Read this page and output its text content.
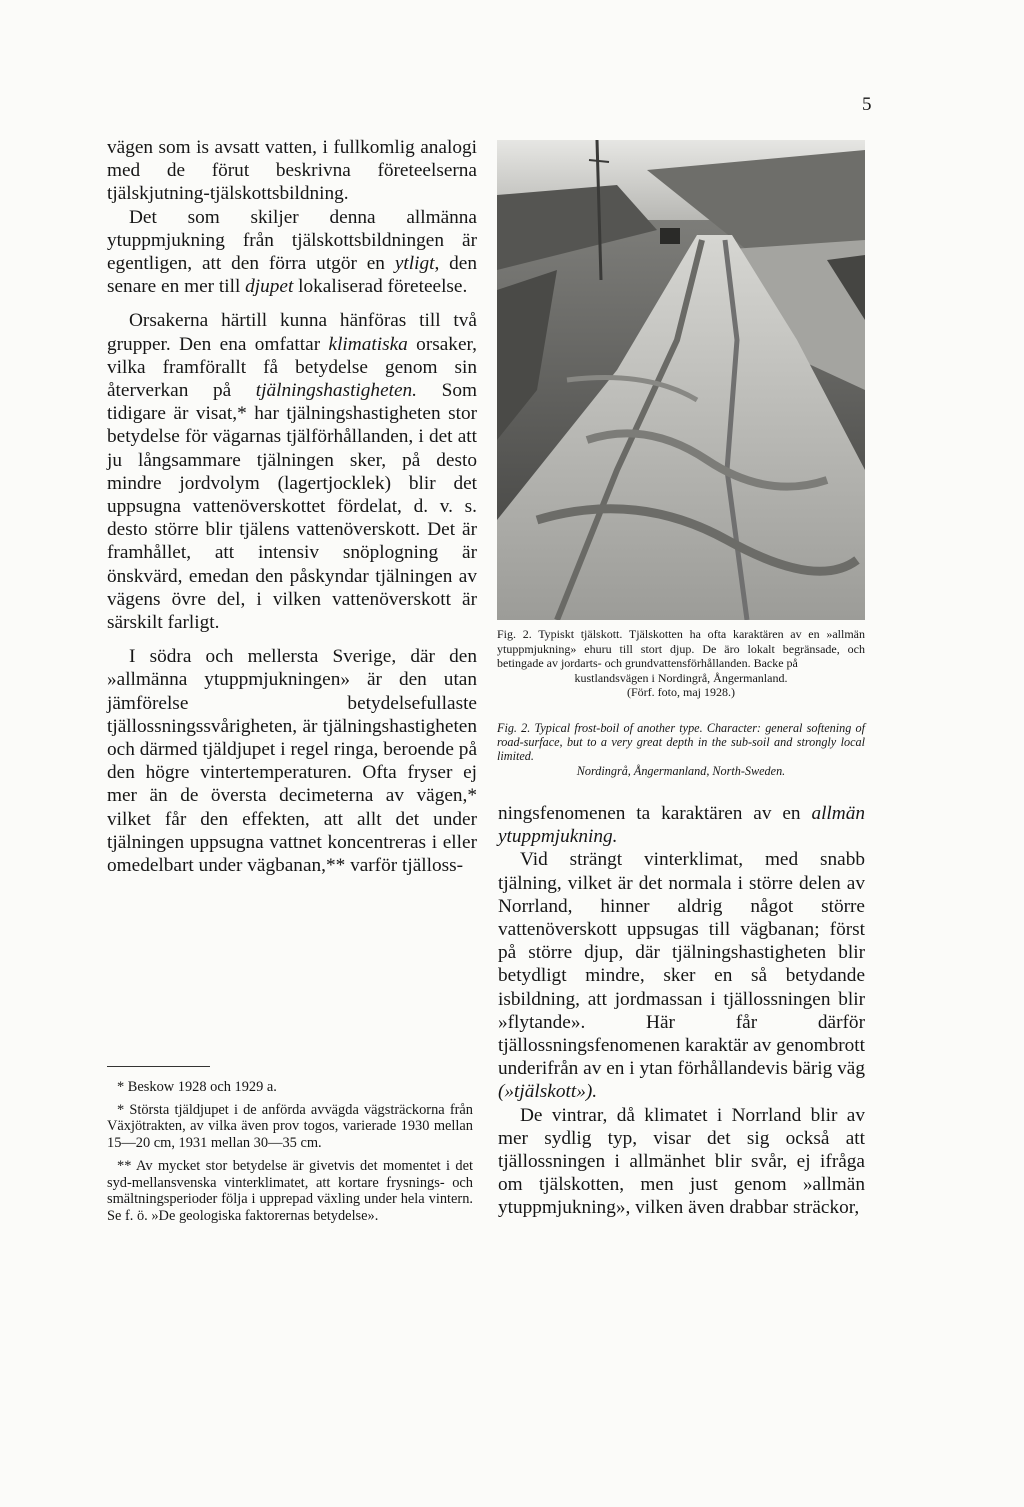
5

vägen som is avsatt vatten, i fullkomlig analogi med de förut beskrivna företeelserna tjälskjutning-tjälskottsbildning.

Det som skiljer denna allmänna ytuppmjukning från tjälskottsbildningen är egentligen, att den förra utgör en ytligt, den senare en mer till djupet lokaliserad företeelse.

Orsakerna härtill kunna hänföras till två grupper. Den ena omfattar klimatiska orsaker, vilka framförallt få betydelse genom sin återverkan på tjälningshastigheten. Som tidigare är visat,* har tjälningshastigheten stor betydelse för vägarnas tjälförhållanden, i det att ju långsammare tjälningen sker, på desto mindre jordvolym (lagertjocklek) blir det uppsugna vattenöverskottet fördelat, d. v. s. desto större blir tjälens vattenöverskott. Det är framhållet, att intensiv snöplogning är önskvärd, emedan den påskyndar tjälningen av vägens övre del, i vilken vattenöverskott är särskilt farligt.

I södra och mellersta Sverige, där den »allmänna ytuppmjukningen» är den utan jämförelse betydelsefullaste tjällossningssvårigheten, är tjälningshastigheten och därmed tjäldjupet i regel ringa, beroende på den högre vintertemperaturen. Ofta fryser ej mer än de översta decimeterna av vägen,* vilket får den effekten, att allt det under tjälningen uppsugna vattnet koncentreras i eller omedelbart under vägbanan,** varför tjälloss-

* Beskow 1928 och 1929 a.

* Största tjäldjupet i de anförda avvägda vägsträckorna från Växjötrakten, av vilka även prov togos, varierade 1930 mellan 15—20 cm, 1931 mellan 30—35 cm.

** Av mycket stor betydelse är givetvis det momentet i det syd-mellansvenska vinterklimatet, att kortare frysnings- och smältningsperioder följa i upprepad växling under hela vintern. Se f. ö. »De geologiska faktorernas betydelse».

Fig. 2. Typiskt tjälskott. Tjälskotten ha ofta karaktären av en »allmän ytuppmjukning» ehuru till stort djup. De äro lokalt begränsade, och betingade av jordarts- och grundvattensförhållanden. Backe på
kustlandsvägen i Nordingrå, Ångermanland.
(Förf. foto, maj 1928.)
Fig. 2. Typical frost-boil of another type. Character: general softening of road-surface, but to a very great depth in the sub-soil and strongly local limited.
Nordingrå, Ångermanland, North-Sweden.

ningsfenomenen ta karaktären av en allmän ytuppmjukning.

Vid strängt vinterklimat, med snabb tjälning, vilket är det normala i större delen av Norrland, hinner aldrig något större vattenöverskott uppsugas till vägbanan; först på större djup, där tjälningshastigheten blir betydligt mindre, sker en så betydande isbildning, att jordmassan i tjällossningen blir »flytande». Här får därför tjällossningsfenomenen karaktär av genombrott underifrån av en i ytan förhållandevis bärig väg (»tjälskott»).

De vintrar, då klimatet i Norrland blir av mer sydlig typ, visar det sig också att tjällossningen i allmänhet blir svår, ej ifråga om tjälskotten, men just genom »allmän ytuppmjukning», vilken även drabbar sträckor,
